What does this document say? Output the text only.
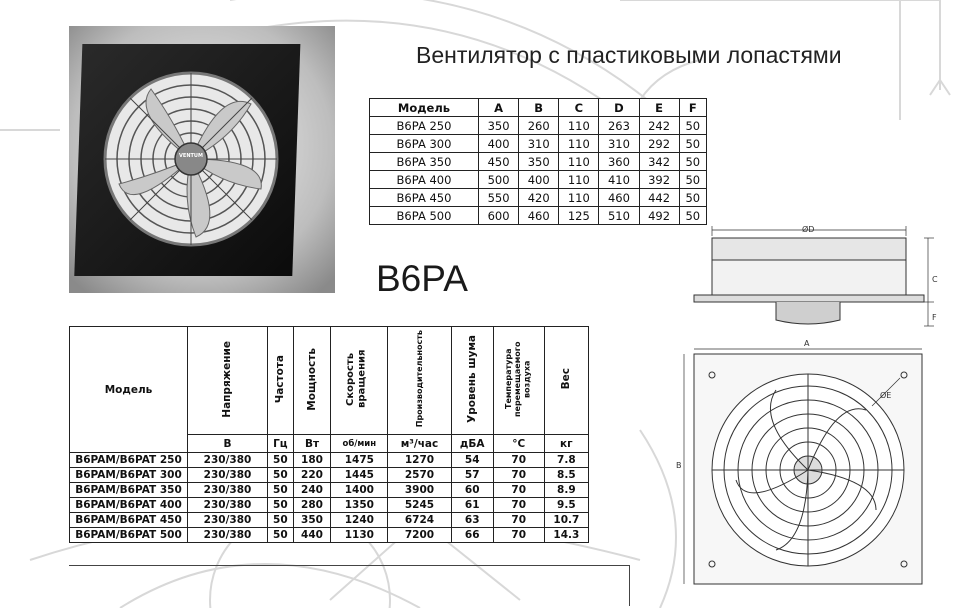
VENTUM
Вентилятор с пластиковыми лопастями
B6PA
Модель	A	B	C	D	E	F
B6PA 250	350	260	110	263	242	50
B6PA 300	400	310	110	310	292	50
B6PA 350	450	350	110	360	342	50
B6PA 400	500	400	110	410	392	50
B6PA 450	550	420	110	460	442	50
B6PA 500	600	460	125	510	492	50
Модель	Напряжение	Частота	Мощность	Скорость вращения	Производительность	Уровень шума	Температура перемещаемого воздуха	Вес
	В	Гц	Вт	об/мин	м³/час	дБА	°C	кг
B6PAM/B6PAT 250	230/380	50	180	1475	1270	54	70	7.8
B6PAM/B6PAT 300	230/380	50	220	1445	2570	57	70	8.5
B6PAM/B6PAT 350	230/380	50	240	1400	3900	60	70	8.9
B6PAM/B6PAT 400	230/380	50	280	1350	5245	61	70	9.5
B6PAM/B6PAT 450	230/380	50	350	1240	6724	63	70	10.7
B6PAM/B6PAT 500	230/380	50	440	1130	7200	66	70	14.3
ØD
C
F
A
B
ØE
